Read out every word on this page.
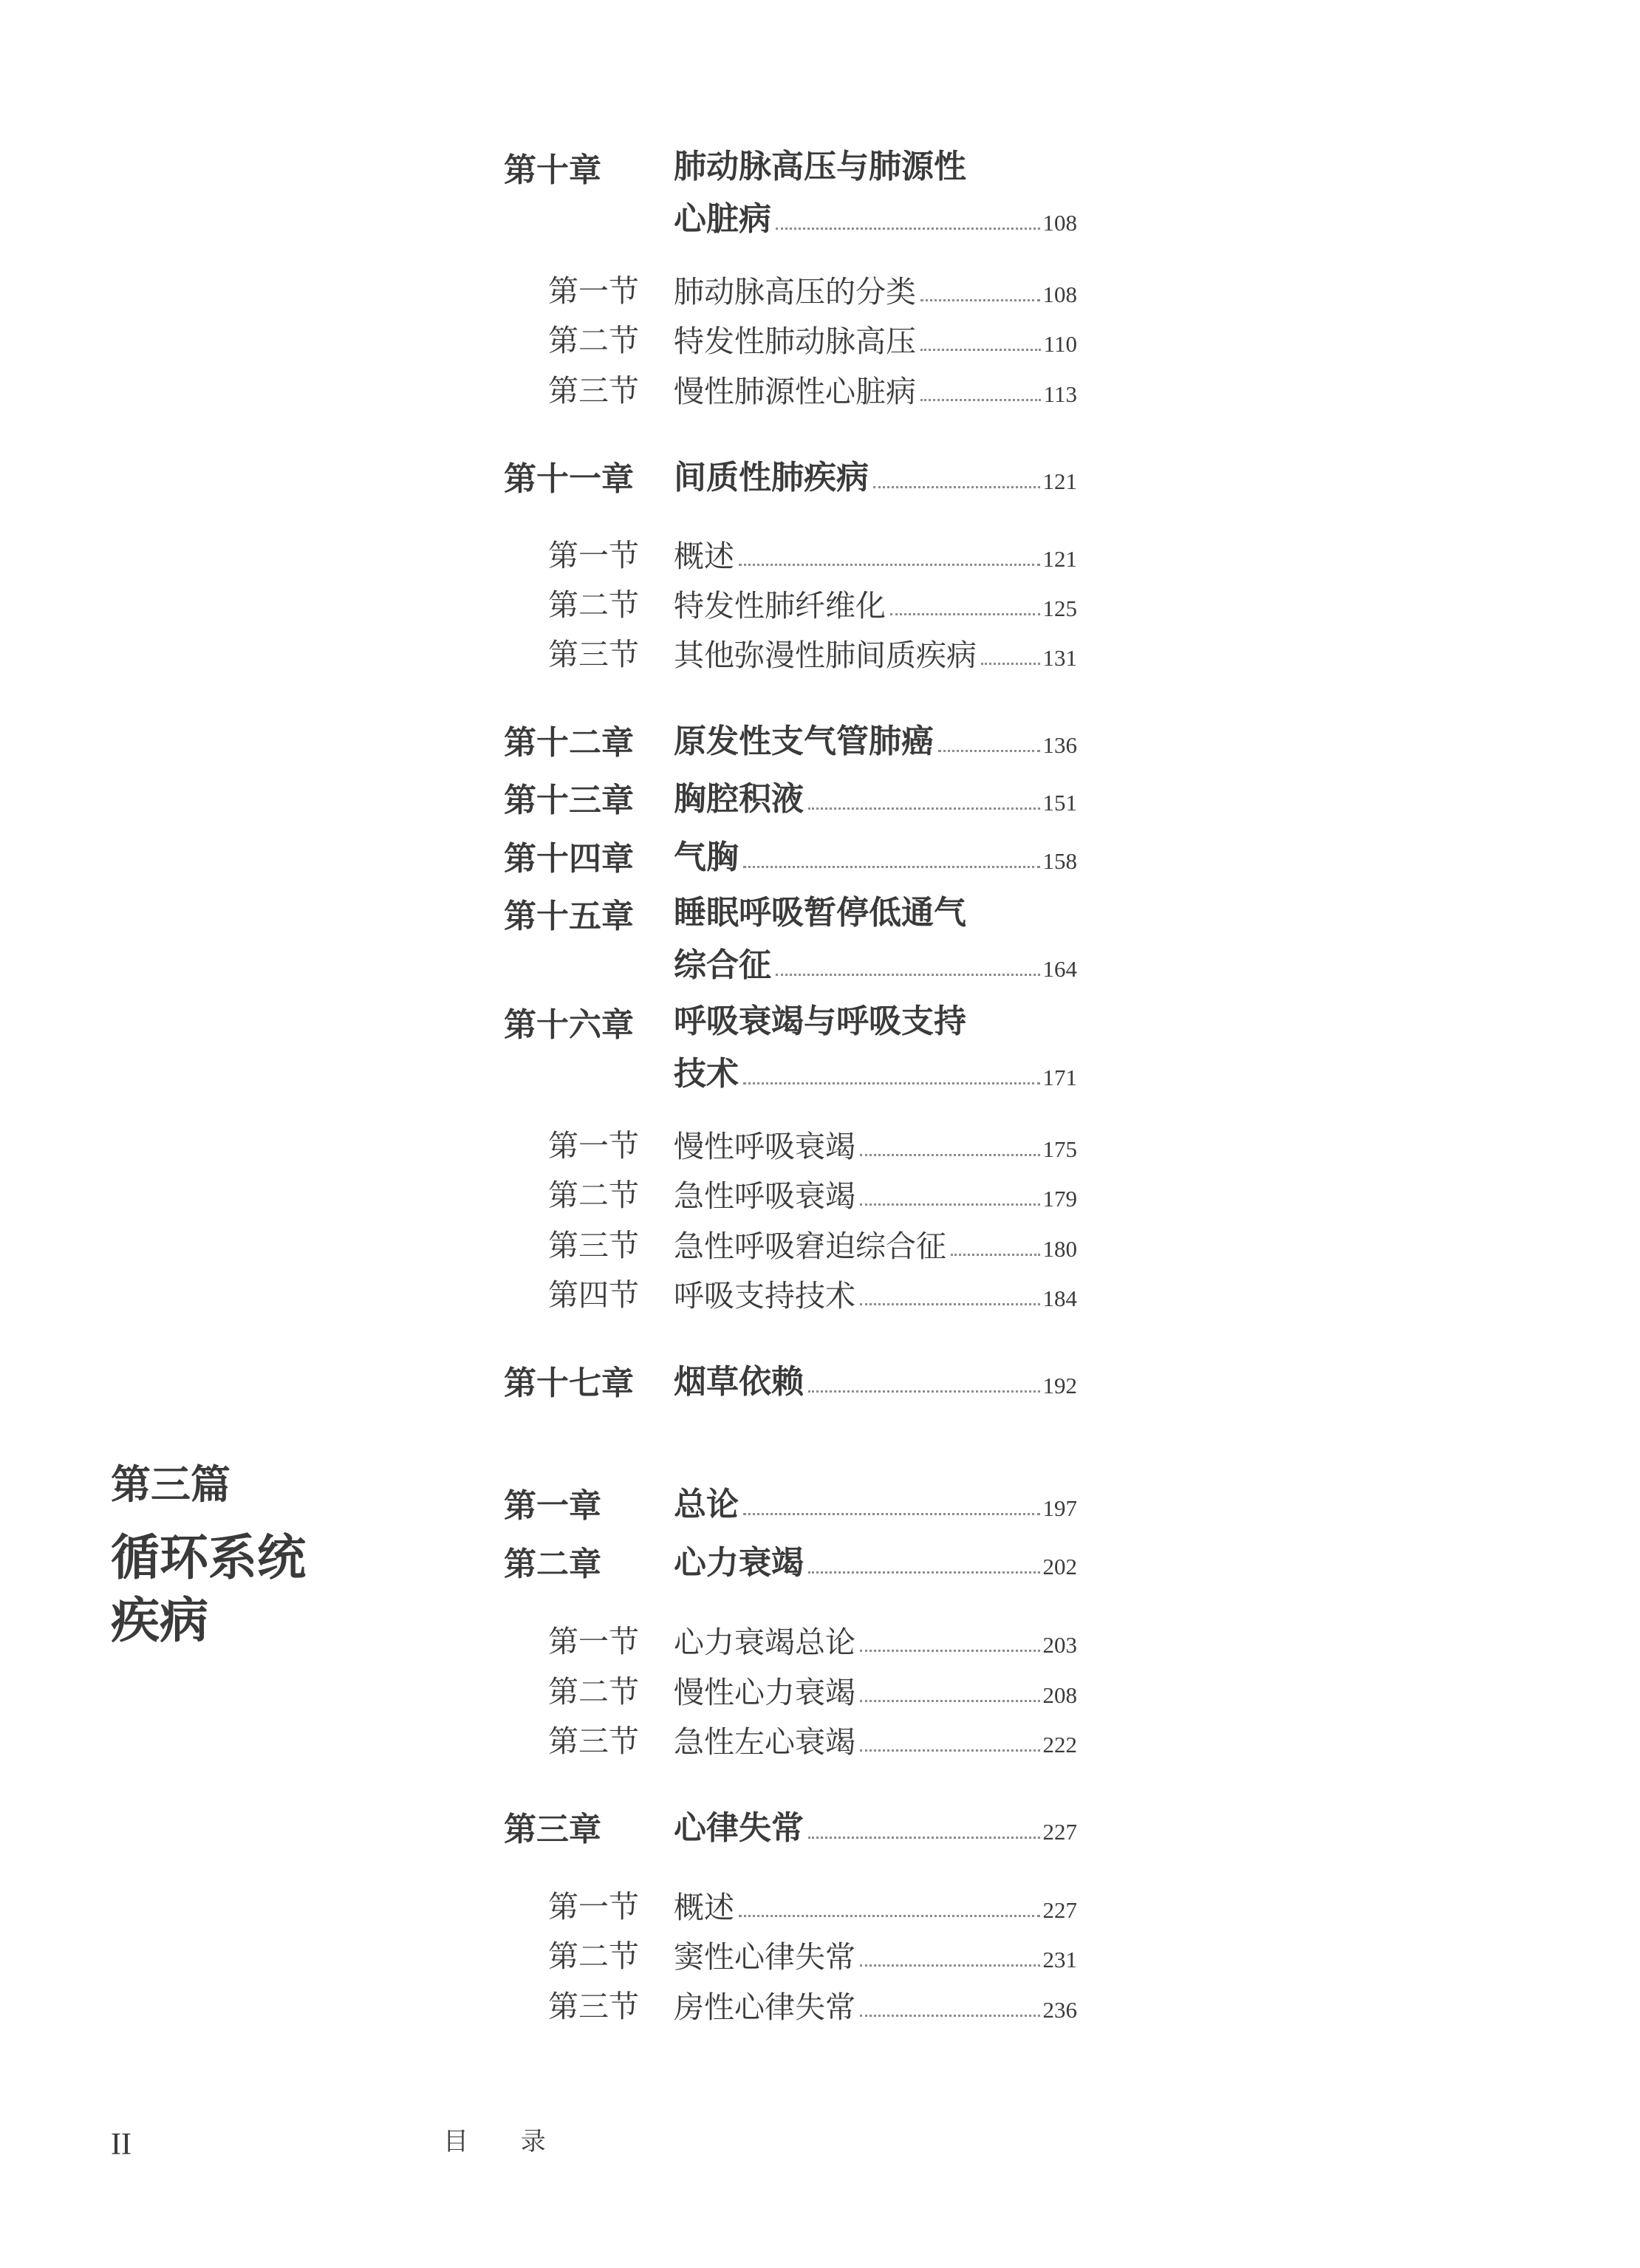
第十章 肺动脉高压与肺源性
心脏病	108
第一节 肺动脉高压的分类	108
第二节 特发性肺动脉高压	110
第三节 慢性肺源性心脏病	113
第十一章 间质性肺疾病	121
第一节 概述	121
第二节 特发性肺纤维化	125
第三节 其他弥漫性肺间质疾病	131
第十二章 原发性支气管肺癌	136
第十三章 胸腔积液	151
第十四章 气胸	158
第十五章 睡眠呼吸暂停低通气
综合征	164
第十六章 呼吸衰竭与呼吸支持
技术	171
第一节 慢性呼吸衰竭	175
第二节 急性呼吸衰竭	179
第三节 急性呼吸窘迫综合征	180
第四节 呼吸支持技术	184
第十七章 烟草依赖	192
第一章 总论	197
第二章 心力衰竭	202
第一节 心力衰竭总论	203
第二节 慢性心力衰竭	208
第三节 急性左心衰竭	222
第三章 心律失常	227
第一节 概述	227
第二节 窦性心律失常	231
第三节 房性心律失常	236
第三篇
循环系统
疾病
II	目 录
